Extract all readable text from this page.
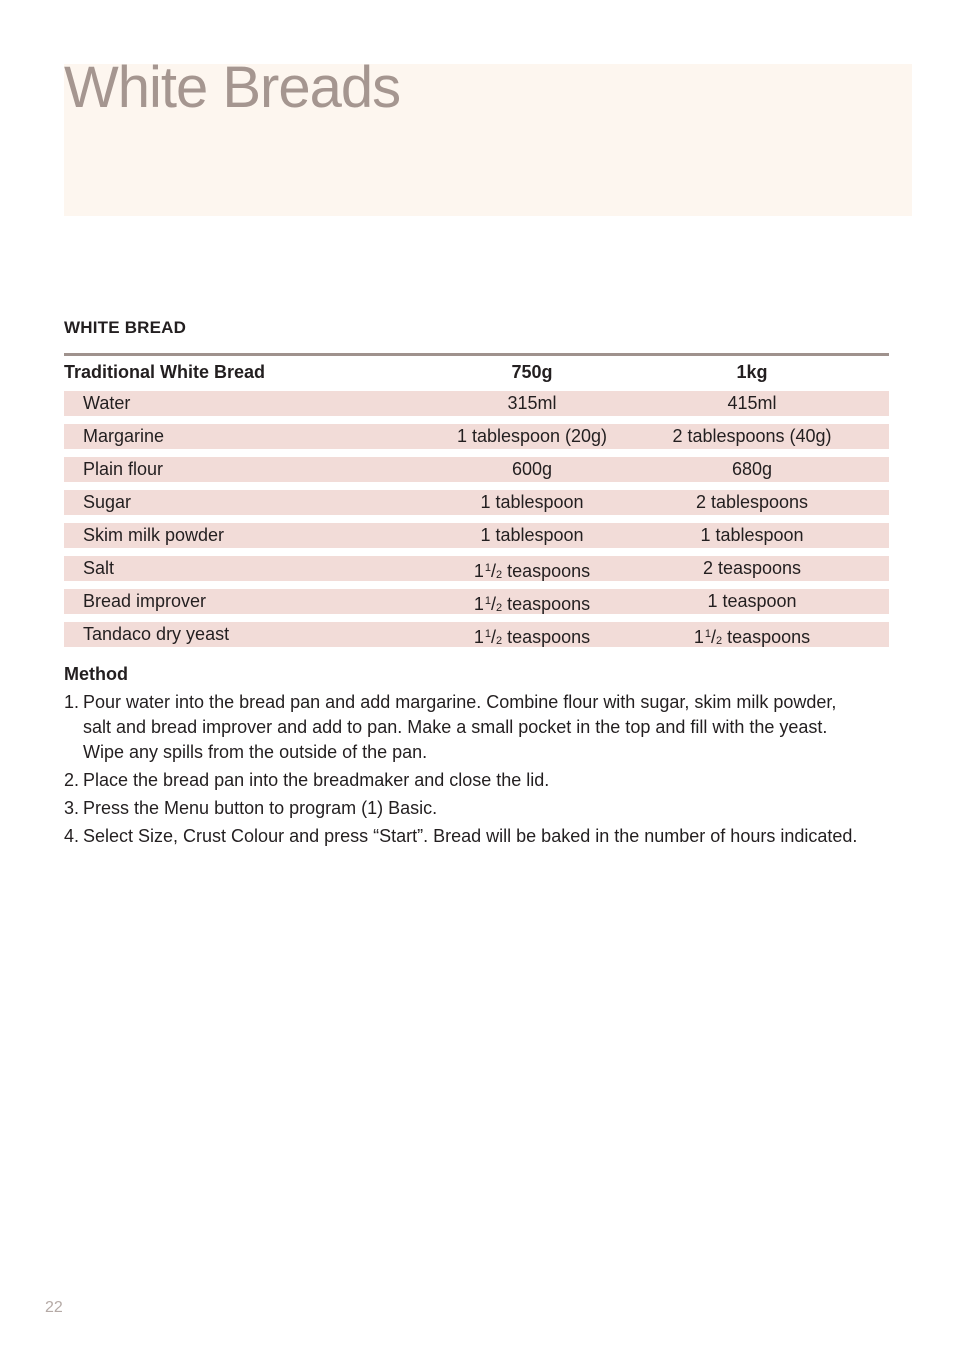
White Breads
WHITE BREAD
Traditional White Bread	750g	1kg
Water	315ml	415ml
Margarine	1 tablespoon (20g)	2 tablespoons (40g)
Plain flour	600g	680g
Sugar	1 tablespoon	2 tablespoons
Skim milk powder	1 tablespoon	1 tablespoon
Salt	$1^1/_2$ teaspoons	2 teaspoons
Bread improver	$1^1/_2$ teaspoons	1 teaspoon
Tandaco dry yeast	$1^1/_2$ teaspoons	$1^1/_2$ teaspoons
Method
1. Pour water into the bread pan and add margarine. Combine flour with sugar, skim milk powder, salt and bread improver and add to pan. Make a small pocket in the top and fill with the yeast. Wipe any spills from the outside of the pan.
2. Place the bread pan into the breadmaker and close the lid.
3. Press the Menu button to program (1) Basic.
4. Select Size, Crust Colour and press “Start”. Bread will be baked in the number of hours indicated.
22
